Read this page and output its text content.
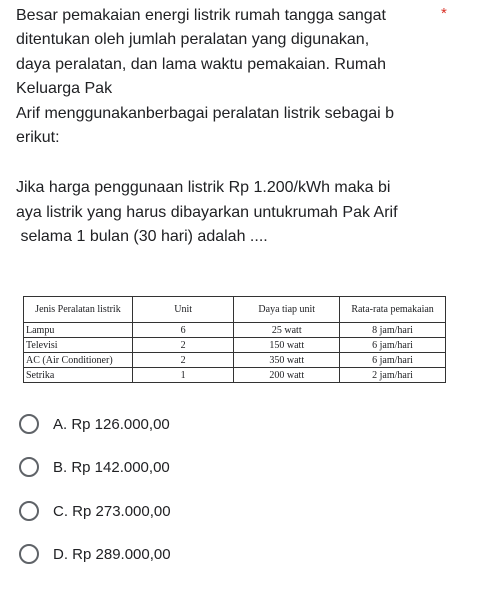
Besar pemakaian energi listrik rumah tangga sangat
ditentukan oleh jumlah peralatan yang digunakan,
daya peralatan, dan lama waktu pemakaian. Rumah
Keluarga Pak
Arif menggunakanberbagai peralatan listrik sebagai b
erikut:

Jika harga penggunaan listrik Rp 1.200/kWh maka bi
aya listrik yang harus dibayarkan untukrumah Pak Arif
selama 1 bulan (30 hari) adalah ....

*
Jenis Peralatan listrik	Unit	Daya tiap unit	Rata-rata pemakaian
Lampu	6	25 watt	8 jam/hari
Televisi	2	150 watt	6 jam/hari
AC (Air Conditioner)	2	350 watt	6 jam/hari
Setrika	1	200 watt	2 jam/hari
A. Rp 126.000,00
B. Rp 142.000,00
C. Rp 273.000,00
D. Rp 289.000,00
